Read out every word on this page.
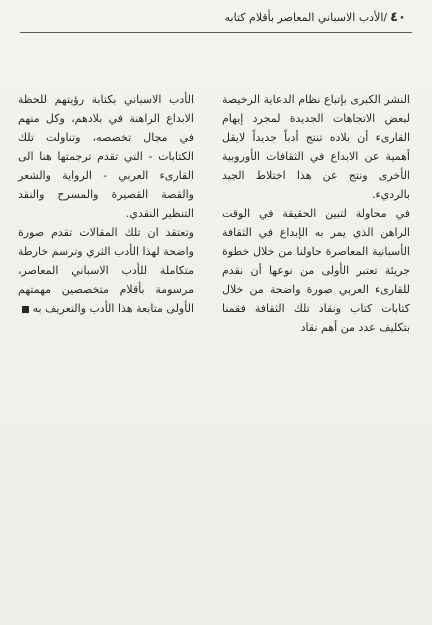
٤٠
/الأدب الاسباني المعاصر بأقلام كتابه

النشر الكبرى بإتباع نظام الدعاية الرخيصة لبعض الاتجاهات الجديدة لمجرد إيهام القارىء أن بلاده تنتج أدباً جديداً لايقل أهمية عن الابداع في الثقافات الأوروبية الأخرى ونتج عن هذا اختلاط الجيد بالرديء.

في محاولة لتبين الحقيقة في الوقت الراهن الذي يمر به الإبداع في الثقافة الأسبانية المعاصرة حاولنا من خلال خطوة جريئة تعتبر الأولى من نوعها أن نقدم للقارىء العربي صورة واضحة من خلال كتابات كتاب ونقاد تلك الثقافة فقمنا بتكليف عدد من أهم نقاد

الأدب الاسباني بكتابة رؤيتهم للحظة الابداع الراهنة في بلادهم، وكل منهم في مجال تخصصه، وتناولت تلك الكتابات - التي تقدم ترجمتها هنا الى القارىء العربي - الرواية والشعر والقصة القصيرة والمسرح والنقد التنظير النقدي.

وتعتقد ان تلك المقالات تقدم صورة واضحة لهذا الأدب الثري وترسم خارطة متكاملة للأدب الاسباني المعاصر، مرسومة بأقلام متخصصين مهمتهم الأولى متابعة هذا الأدب والتعريف به
